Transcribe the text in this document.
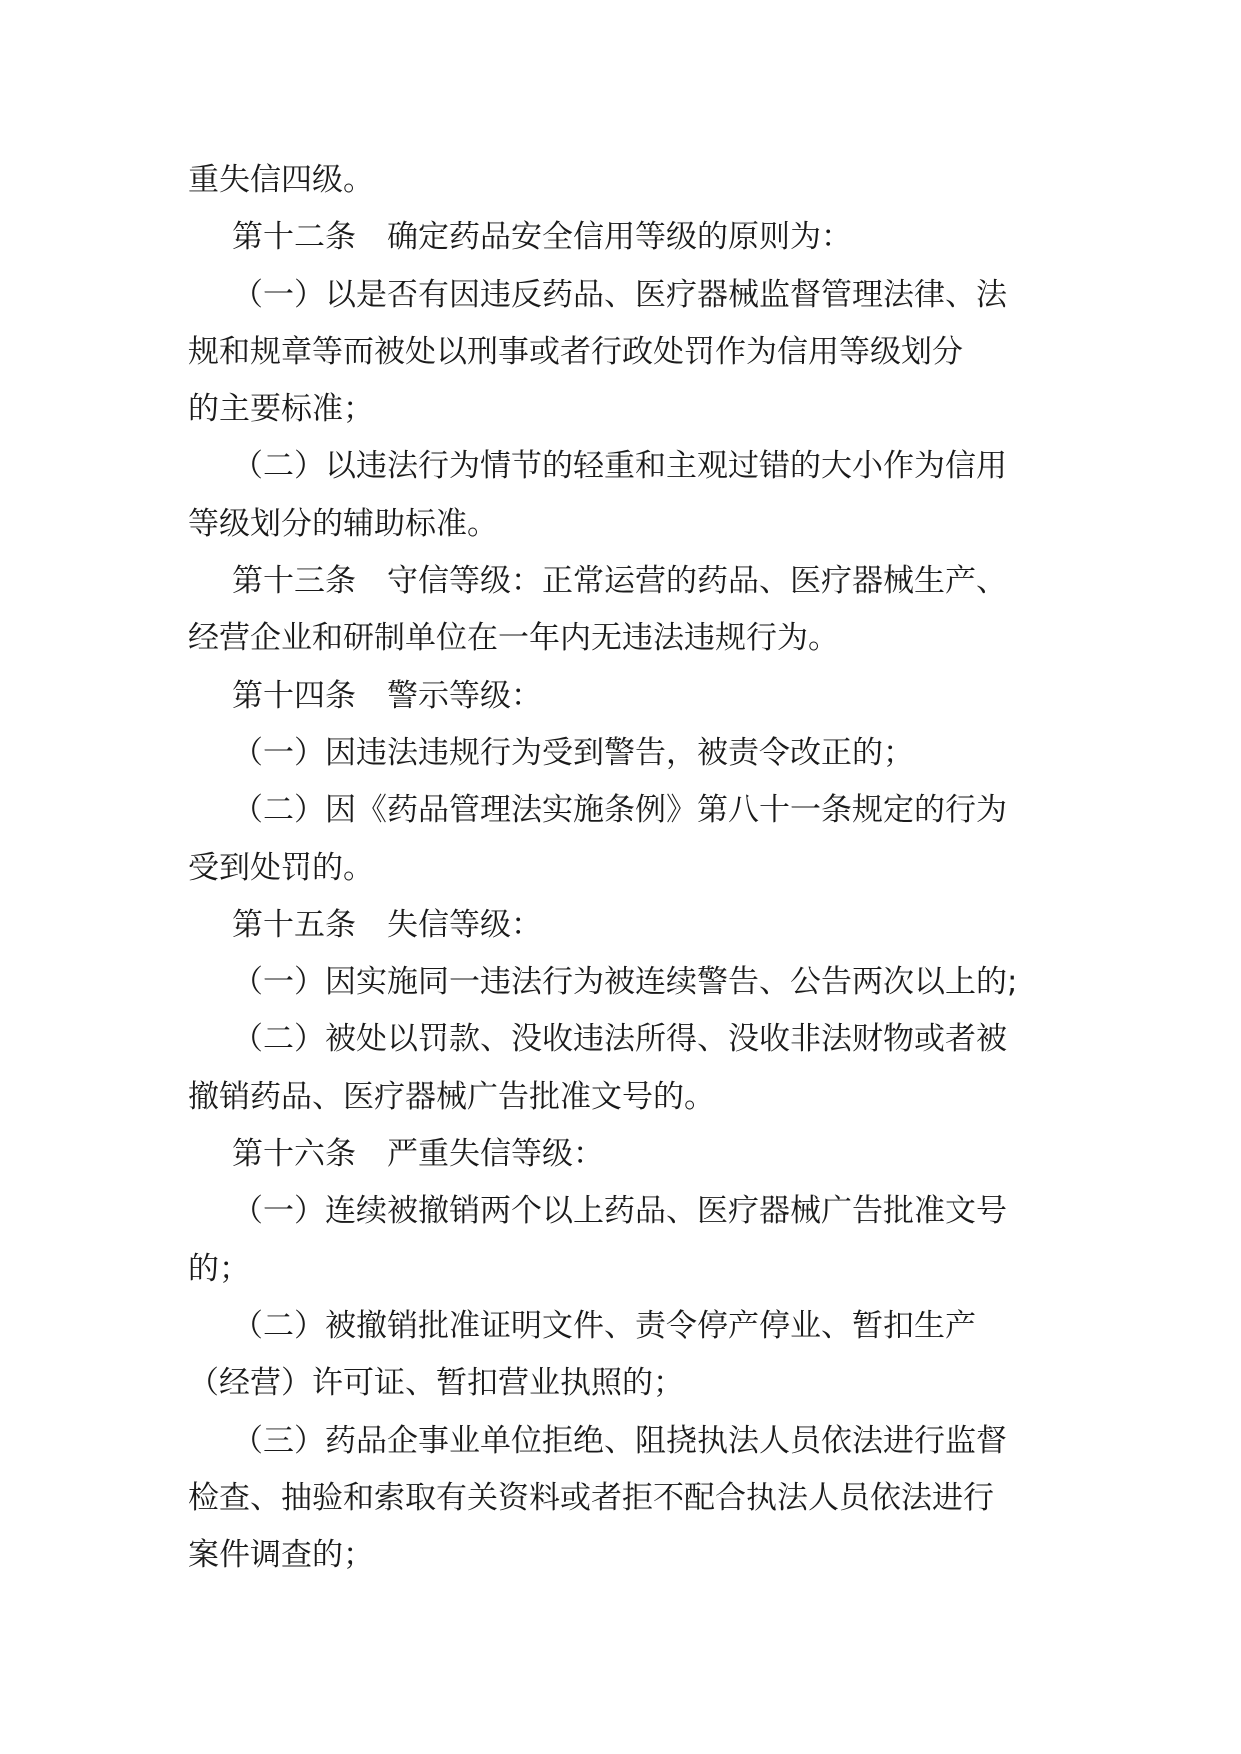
重失信四级。
第十二条　确定药品安全信用等级的原则为：
（一）以是否有因违反药品、医疗器械监督管理法律、法
规和规章等而被处以刑事或者行政处罚作为信用等级划分
的主要标准；
（二）以违法行为情节的轻重和主观过错的大小作为信用
等级划分的辅助标准。
第十三条　守信等级：正常运营的药品、医疗器械生产、
经营企业和研制单位在一年内无违法违规行为。
第十四条　警示等级：
（一）因违法违规行为受到警告，被责令改正的；
（二）因《药品管理法实施条例》第八十一条规定的行为
受到处罚的。
第十五条　失信等级：
（一）因实施同一违法行为被连续警告、公告两次以上的;
（二）被处以罚款、没收违法所得、没收非法财物或者被
撤销药品、医疗器械广告批准文号的。
第十六条　严重失信等级：
（一）连续被撤销两个以上药品、医疗器械广告批准文号
的；
（二）被撤销批准证明文件、责令停产停业、暂扣生产
（经营）许可证、暂扣营业执照的；
（三）药品企事业单位拒绝、阻挠执法人员依法进行监督
检查、抽验和索取有关资料或者拒不配合执法人员依法进行
案件调查的；
